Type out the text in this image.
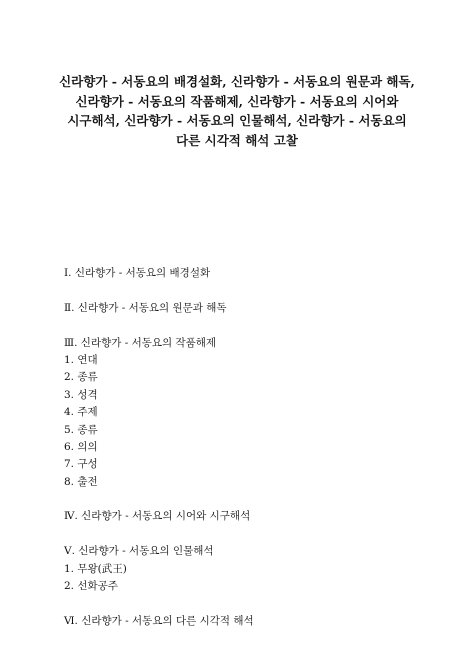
신라향가 - 서동요의 배경설화, 신라향가 - 서동요의 원문과 해독,
신라향가 - 서동요의 작품해제, 신라향가 - 서동요의 시어와
시구해석, 신라향가 - 서동요의 인물해석, 신라향가 - 서동요의
다른 시각적 해석 고찰
Ⅰ. 신라향가 - 서동요의 배경설화
Ⅱ. 신라향가 - 서동요의 원문과 해독
Ⅲ. 신라향가 - 서동요의 작품해제
1. 연대
2. 종류
3. 성격
4. 주제
5. 종류
6. 의의
7. 구성
8. 출전
Ⅳ. 신라향가 - 서동요의 시어와 시구해석
Ⅴ. 신라향가 - 서동요의 인물해석
1. 무왕(武王)
2. 선화공주
Ⅵ. 신라향가 - 서동요의 다른 시각적 해석
